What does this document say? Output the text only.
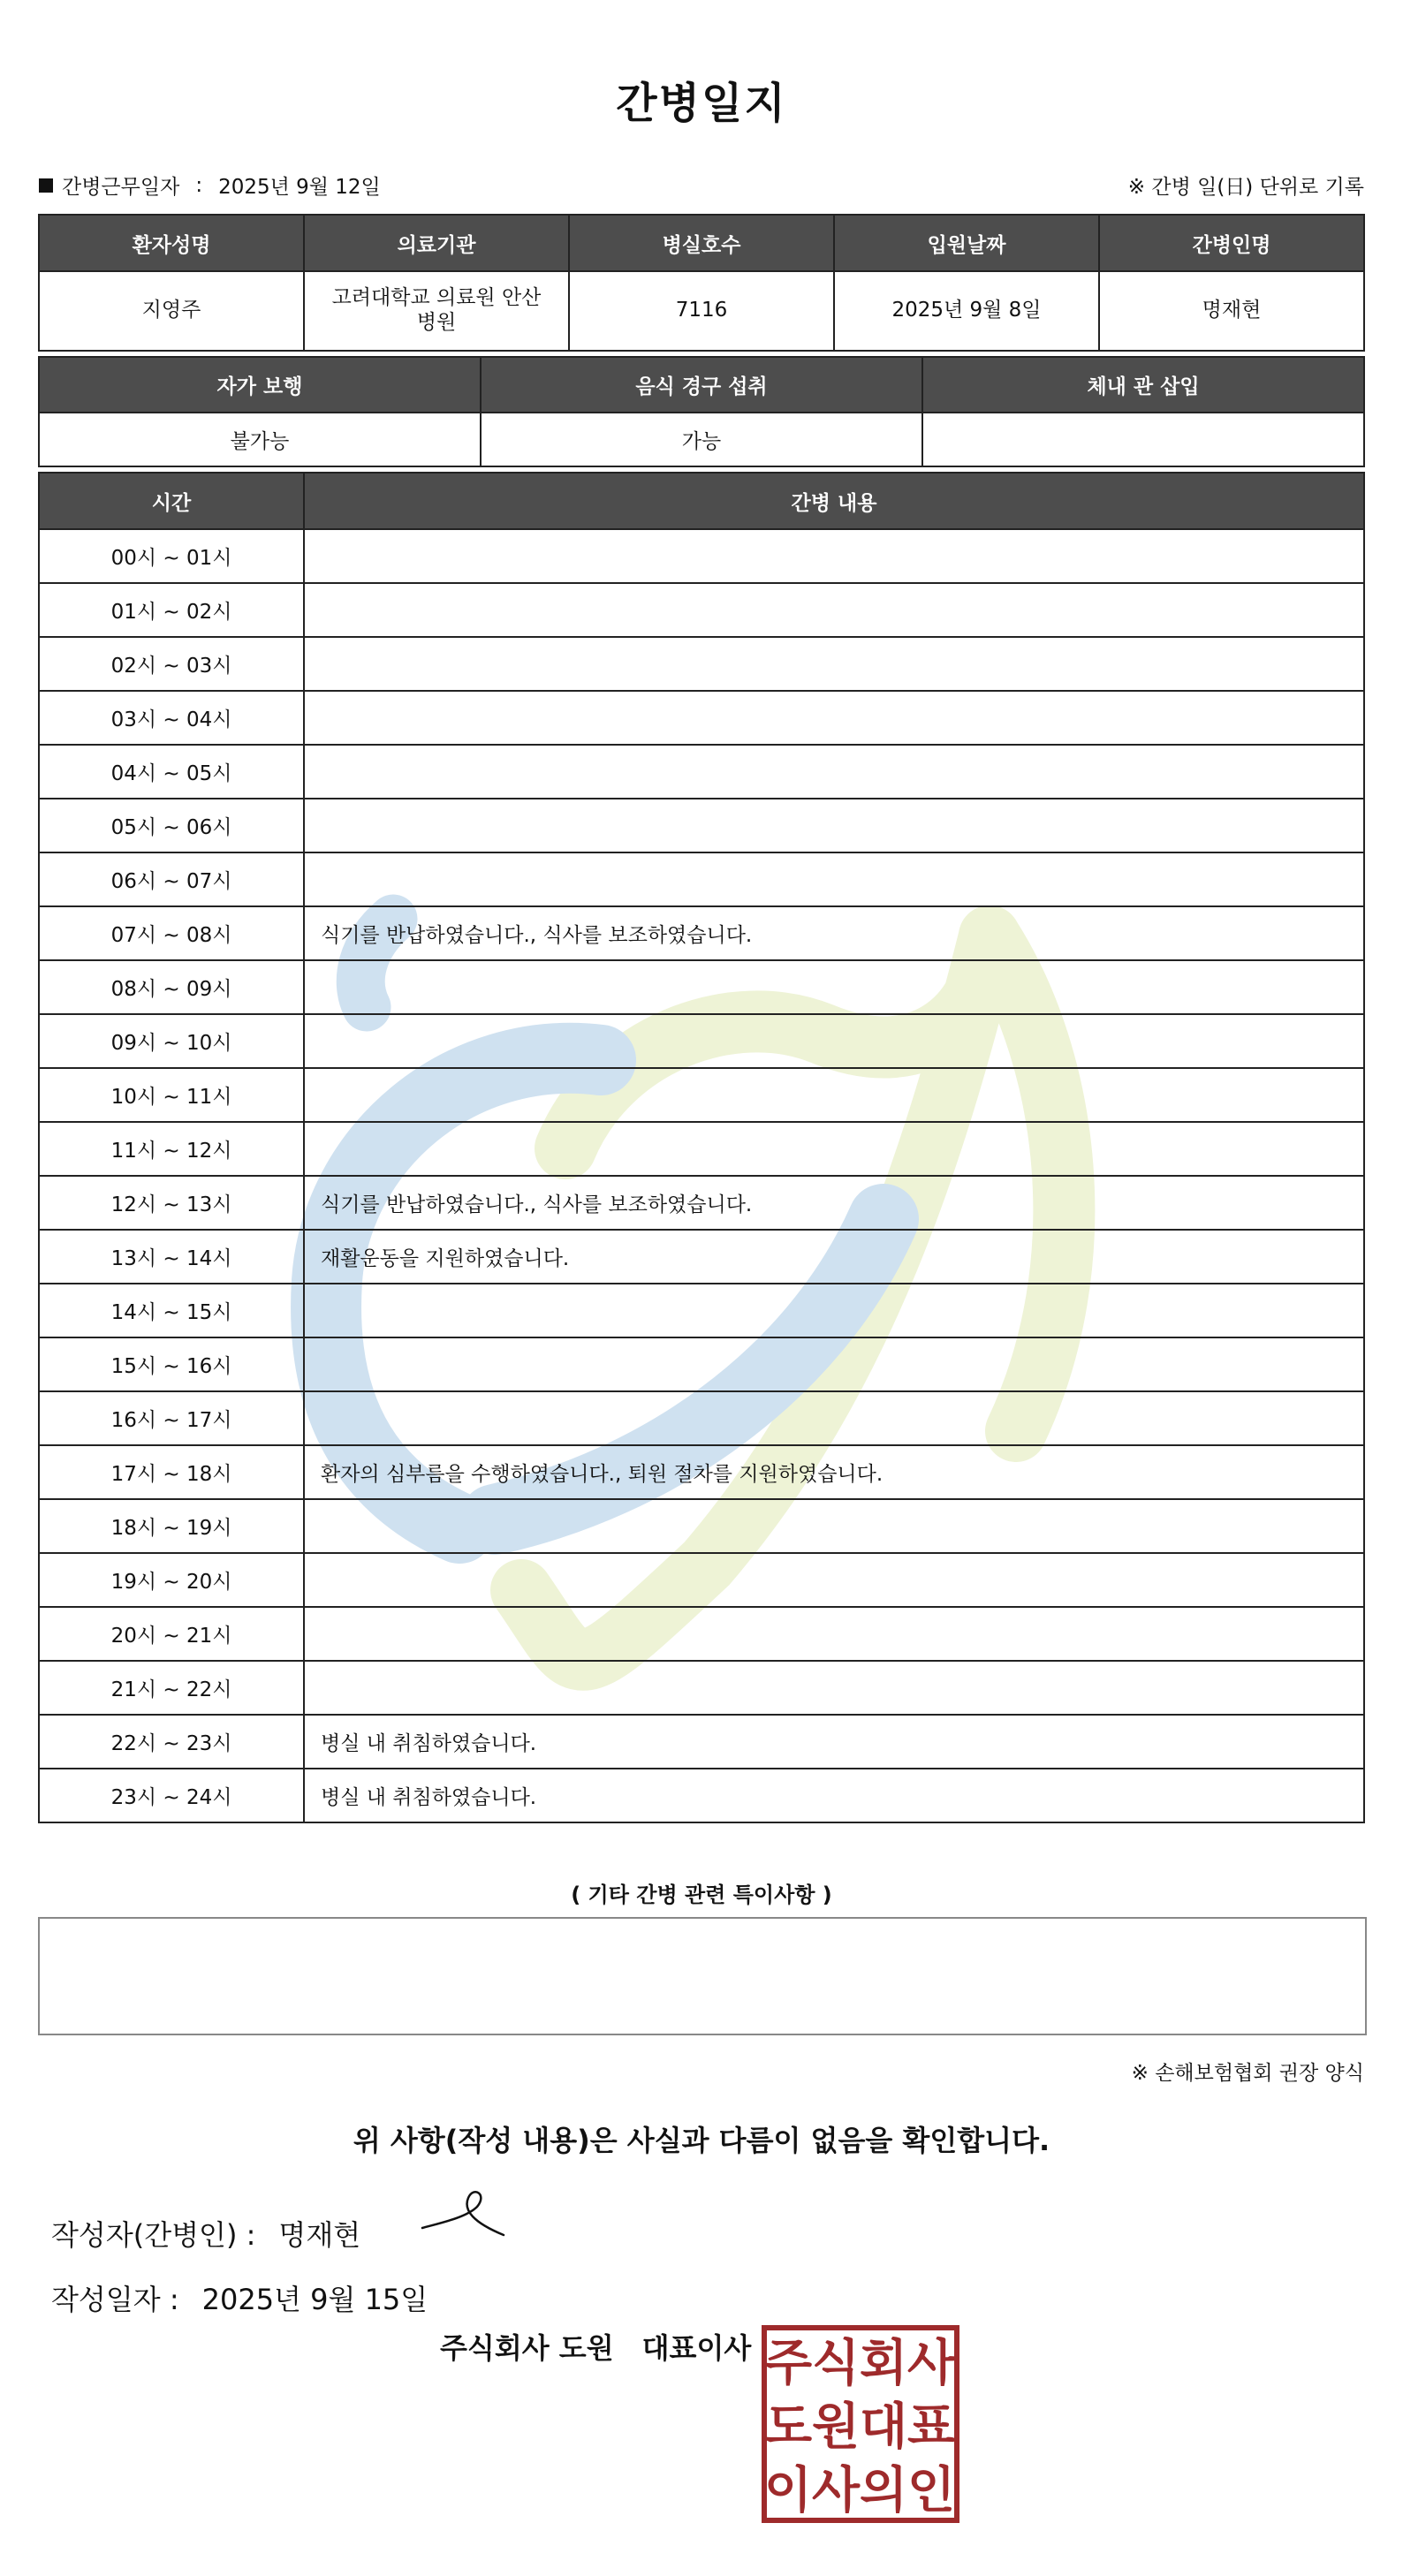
간병일지
간병근무일자 : 2025년 9월 12일	※ 간병 일(日) 단위로 기록
환자성명	의료기관	병실호수	입원날짜	간병인명
지영주	고려대학교 의료원 안산병원	7116	2025년 9월 8일	명재현
자가 보행	음식 경구 섭취	체내 관 삽입
불가능	가능	
시간	간병 내용
00시 ~ 01시	
01시 ~ 02시	
02시 ~ 03시	
03시 ~ 04시	
04시 ~ 05시	
05시 ~ 06시	
06시 ~ 07시	
07시 ~ 08시	식기를 반납하였습니다., 식사를 보조하였습니다.
08시 ~ 09시	
09시 ~ 10시	
10시 ~ 11시	
11시 ~ 12시	
12시 ~ 13시	식기를 반납하였습니다., 식사를 보조하였습니다.
13시 ~ 14시	재활운동을 지원하였습니다.
14시 ~ 15시	
15시 ~ 16시	
16시 ~ 17시	
17시 ~ 18시	환자의 심부름을 수행하였습니다., 퇴원 절차를 지원하였습니다.
18시 ~ 19시	
19시 ~ 20시	
20시 ~ 21시	
21시 ~ 22시	
22시 ~ 23시	병실 내 취침하였습니다.
23시 ~ 24시	병실 내 취침하였습니다.
( 기타 간병 관련 특이사항 )
※ 손해보험협회 권장 양식
위 사항(작성 내용)은 사실과 다름이 없음을 확인합니다.
작성자(간병인) : 명재현
작성일자 : 2025년 9월 15일
주식회사 도원 대표이사 주 식 회 사
도 원 대 표
이 사 의 인
